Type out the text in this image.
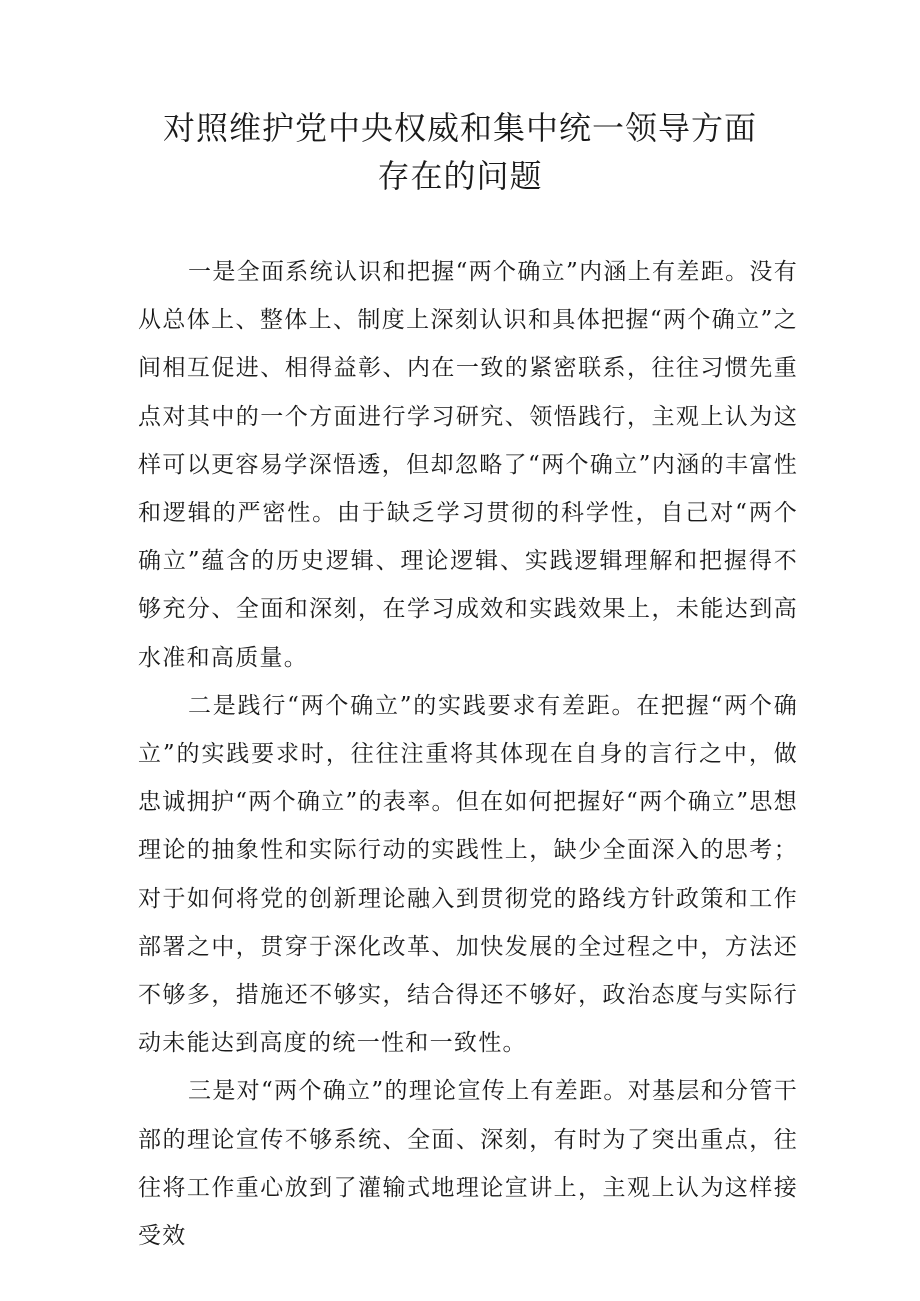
对照维护党中央权威和集中统一领导方面
存在的问题

一是全面系统认识和把握“两个确立”内涵上有差距。没有从总体上、整体上、制度上深刻认识和具体把握“两个确立”之间相互促进、相得益彰、内在一致的紧密联系，往往习惯先重点对其中的一个方面进行学习研究、领悟践行，主观上认为这样可以更容易学深悟透，但却忽略了“两个确立”内涵的丰富性和逻辑的严密性。由于缺乏学习贯彻的科学性，自己对“两个确立”蕴含的历史逻辑、理论逻辑、实践逻辑理解和把握得不够充分、全面和深刻，在学习成效和实践效果上，未能达到高水准和高质量。

二是践行“两个确立”的实践要求有差距。在把握“两个确立”的实践要求时，往往注重将其体现在自身的言行之中，做忠诚拥护“两个确立”的表率。但在如何把握好“两个确立”思想理论的抽象性和实际行动的实践性上，缺少全面深入的思考；对于如何将党的创新理论融入到贯彻党的路线方针政策和工作部署之中，贯穿于深化改革、加快发展的全过程之中，方法还不够多，措施还不够实，结合得还不够好，政治态度与实际行动未能达到高度的统一性和一致性。

三是对“两个确立”的理论宣传上有差距。对基层和分管干部的理论宣传不够系统、全面、深刻，有时为了突出重点，往往将工作重心放到了灌输式地理论宣讲上，主观上认为这样接受效
